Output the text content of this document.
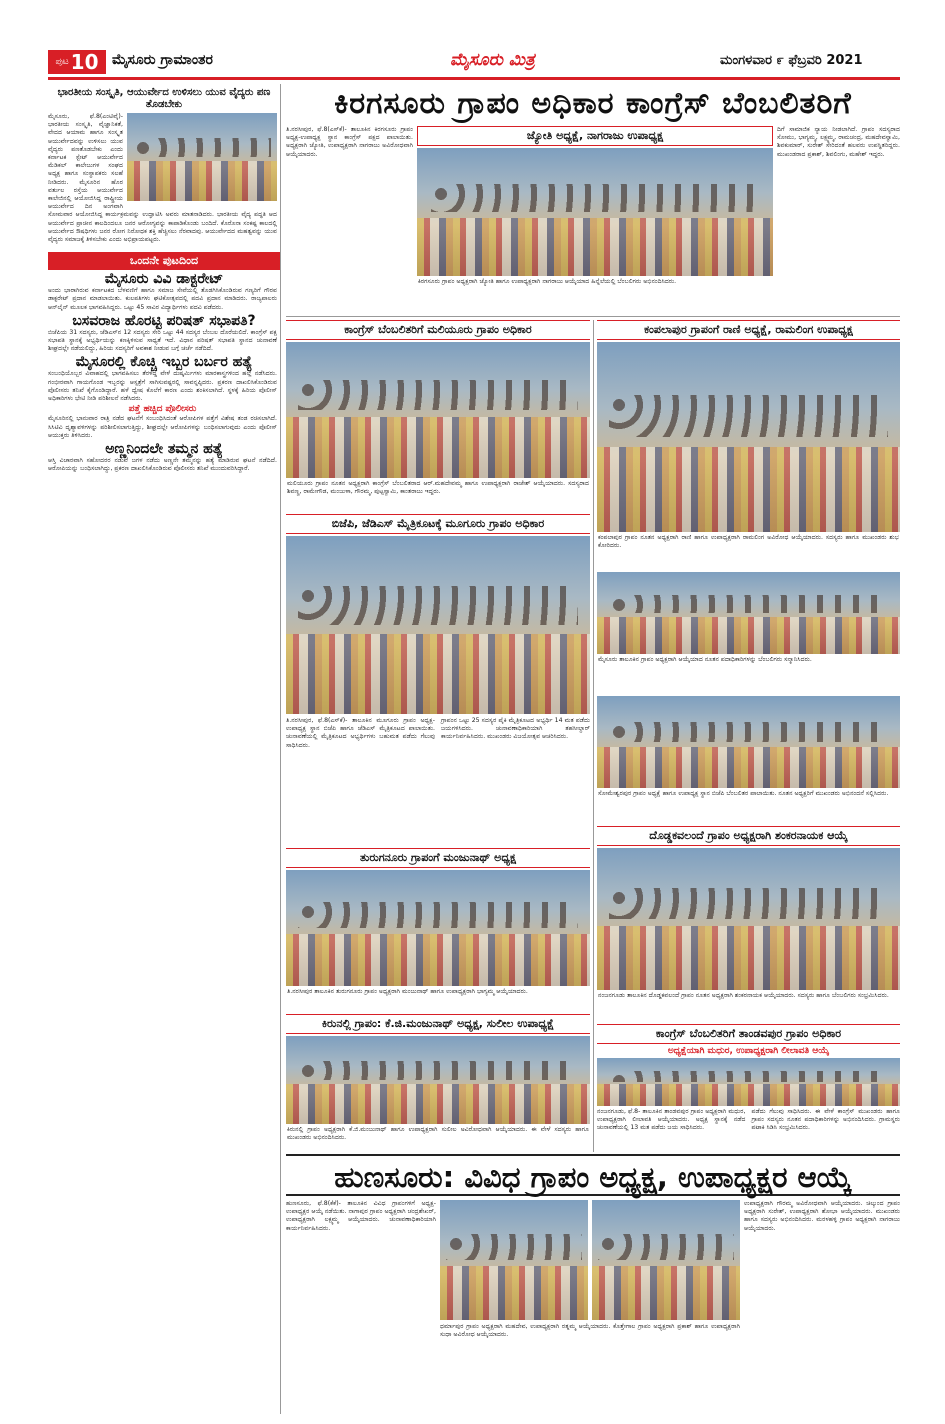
ಪುಟ 10 ಮೈಸೂರು ಗ್ರಾಮಾಂತರ	ಮೈಸೂರು ಮಿತ್ರ	ಮಂಗಳವಾರ ೯ ಫೆಬ್ರವರಿ 2021
ಭಾರತೀಯ ಸಂಸ್ಕೃತಿ, ಆಯುರ್ವೇದ ಉಳಿಸಲು ಯುವ ವೈದ್ಯರು ಪಣ ತೊಡಬೇಕು

ಮೈಸೂರು, ಫೆ.8(ಎಂಟಿವೈ)-ಭಾರತೀಯ ಸಂಸ್ಕೃತಿ, ವೈಜ್ಞಾನಿಕತೆ, ವೇದದ ಆಯಾಮ ಹಾಗೂ ಸಂಸ್ಕೃತ ಆಯುರ್ವೇದವನ್ನು ಉಳಿಸಲು ಯುವ ವೈದ್ಯರು ಪಣತೊಡಬೇಕು ಎಂದು ಕರ್ನಾಟಕ ಸ್ಟೇಟ್ ಆಯುರ್ವೇದ ಮೆಡಿಕಲ್ ಕಾಲೇಜುಗಳ ಸಂಘದ ಅಧ್ಯಕ್ಷ ಹಾಗೂ ಸಂಸ್ಥಾಪಕರು ಸಲಹೆ ನೀಡಿದರು. ಮೈಸೂರಿನ ಹೊರ ವರ್ತುಲ ರಸ್ತೆಯ ಆಯುರ್ವೇದ ಕಾಲೇಜಿನಲ್ಲಿ ಆಯೋಜಿಸಿದ್ದ ರಾಷ್ಟ್ರೀಯ ಆಯುರ್ವೇದ ದಿನ ಅಂಗವಾಗಿ ಸೋಮವಾರ ಆಯೋಜಿಸಿದ್ದ ಕಾರ್ಯಕ್ರಮವನ್ನು ಉದ್ಘಾಟಿಸಿ ಅವರು ಮಾತನಾಡಿದರು. ಭಾರತೀಯ ವೈದ್ಯ ಪದ್ಧತಿ ಆದ ಆಯುರ್ವೇದ ಪ್ರಾಚೀನ ಕಾಲದಿಂದಲೂ ಜನರ ಆರೋಗ್ಯವನ್ನು ಕಾಪಾಡಿಕೊಂಡು ಬಂದಿದೆ. ಕೊರೊನಾ ಸಂಕಷ್ಟ ಕಾಲದಲ್ಲಿ ಆಯುರ್ವೇದ ಔಷಧಿಗಳು ಜನರ ರೋಗ ನಿರೋಧಕ ಶಕ್ತಿ ಹೆಚ್ಚಿಸಲು ನೆರವಾದವು. ಆಯುರ್ವೇದದ ಮಹತ್ವವನ್ನು ಯುವ ವೈದ್ಯರು ಸಮಾಜಕ್ಕೆ ತಿಳಿಸಬೇಕು ಎಂದು ಅಭಿಪ್ರಾಯಪಟ್ಟರು.

ಒಂದನೇ ಪುಟದಿಂದ
ಮೈಸೂರು ವಿವಿ ಡಾಕ್ಟರೇಟ್

ಅಂದು ಭಾರಾಗಿರುವ ಕರ್ನಾಟಕದ ಬೆಳವಣಿಗೆ ಹಾಗೂ ಸಮಾಜ ಸೇವೆಯಲ್ಲಿ ತೊಡಗಿಸಿಕೊಂಡಿರುವ ಗಣ್ಯರಿಗೆ ಗೌರವ ಡಾಕ್ಟರೇಟ್ ಪ್ರದಾನ ಮಾಡಲಾಯಿತು. ಕುಲಪತಿಗಳು ಘಟಿಕೋತ್ಸವದಲ್ಲಿ ಪದವಿ ಪ್ರದಾನ ಮಾಡಿದರು. ರಾಜ್ಯಪಾಲರು ಆನ್‌ಲೈನ್ ಮೂಲಕ ಭಾಗವಹಿಸಿದ್ದರು. ಒಟ್ಟು 45 ಸಾವಿರ ವಿದ್ಯಾರ್ಥಿಗಳು ಪದವಿ ಪಡೆದರು.

ಬಸವರಾಜ ಹೊರಟ್ಟಿ ಪರಿಷತ್ ಸಭಾಪತಿ?

ಬಿಜೆಪಿಯ 31 ಸದಸ್ಯರು, ಜೆಡಿಎಸ್‌ನ 12 ಸದಸ್ಯರು ಸೇರಿ ಒಟ್ಟು 44 ಸದಸ್ಯರ ಬೆಂಬಲ ದೊರೆಯಲಿದೆ. ಕಾಂಗ್ರೆಸ್ ಪಕ್ಷ ಸಭಾಪತಿ ಸ್ಥಾನಕ್ಕೆ ಅಭ್ಯರ್ಥಿಯನ್ನು ಕಣಕ್ಕಿಳಿಸುವ ಸಾಧ್ಯತೆ ಇದೆ. ವಿಧಾನ ಪರಿಷತ್ ಸಭಾಪತಿ ಸ್ಥಾನದ ಚುನಾವಣೆ ಶೀಘ್ರದಲ್ಲೇ ನಡೆಯಲಿದ್ದು, ಹಿರಿಯ ಸದಸ್ಯರಿಗೆ ಅವಕಾಶ ನೀಡುವ ಬಗ್ಗೆ ಚರ್ಚೆ ನಡೆದಿದೆ.

ಮೈಸೂರಲ್ಲಿ ಕೊಚ್ಚಿ ಇಬ್ಬರ ಬರ್ಬರ ಹತ್ಯೆ

ಸಂಬಂಧಿಯೊಬ್ಬರ ವಿವಾಹದಲ್ಲಿ ಭಾಗವಹಿಸಲು ತೆರಳಿದ್ದ ವೇಳೆ ದುಷ್ಕರ್ಮಿಗಳು ಮಾರಕಾಸ್ತ್ರಗಳಿಂದ ಹಲ್ಲೆ ನಡೆಸಿದರು. ಗಂಭೀರವಾಗಿ ಗಾಯಗೊಂಡ ಇಬ್ಬರನ್ನು ಆಸ್ಪತ್ರೆಗೆ ಸಾಗಿಸುವಷ್ಟರಲ್ಲಿ ಸಾವನ್ನಪ್ಪಿದರು. ಪ್ರಕರಣ ದಾಖಲಿಸಿಕೊಂಡಿರುವ ಪೊಲೀಸರು ತನಿಖೆ ಕೈಗೊಂಡಿದ್ದಾರೆ. ಹಳೆ ದ್ವೇಷ ಕೊಲೆಗೆ ಕಾರಣ ಎಂದು ಶಂಕಿಸಲಾಗಿದೆ. ಸ್ಥಳಕ್ಕೆ ಹಿರಿಯ ಪೊಲೀಸ್ ಅಧಿಕಾರಿಗಳು ಭೇಟಿ ನೀಡಿ ಪರಿಶೀಲನೆ ನಡೆಸಿದರು.

ಪತ್ತೆ ಹಚ್ಚಿದ ಪೊಲೀಸರು

ಮೈಸೂರಿನಲ್ಲಿ ಭಾನುವಾರ ರಾತ್ರಿ ನಡೆದ ಘಟನೆಗೆ ಸಂಬಂಧಿಸಿದಂತೆ ಆರೋಪಿಗಳ ಪತ್ತೆಗೆ ವಿಶೇಷ ತಂಡ ರಚಿಸಲಾಗಿದೆ. ಸಿಸಿಟಿವಿ ದೃಶ್ಯಾವಳಿಗಳನ್ನು ಪರಿಶೀಲಿಸಲಾಗುತ್ತಿದ್ದು, ಶೀಘ್ರದಲ್ಲೇ ಆರೋಪಿಗಳನ್ನು ಬಂಧಿಸಲಾಗುವುದು ಎಂದು ಪೊಲೀಸ್ ಆಯುಕ್ತರು ತಿಳಿಸಿದರು.

ಅಣ್ಣನಿಂದಲೇ ತಮ್ಮನ ಹತ್ಯೆ

ಆಸ್ತಿ ವಿಚಾರವಾಗಿ ಸಹೋದರರ ನಡುವೆ ಜಗಳ ನಡೆದು ಅಣ್ಣನೇ ತಮ್ಮನನ್ನು ಹತ್ಯೆ ಮಾಡಿರುವ ಘಟನೆ ನಡೆದಿದೆ. ಆರೋಪಿಯನ್ನು ಬಂಧಿಸಲಾಗಿದ್ದು, ಪ್ರಕರಣ ದಾಖಲಿಸಿಕೊಂಡಿರುವ ಪೊಲೀಸರು ತನಿಖೆ ಮುಂದುವರಿಸಿದ್ದಾರೆ.

ಕಿರಗಸೂರು ಗ್ರಾಪಂ ಅಧಿಕಾರ ಕಾಂಗ್ರೆಸ್ ಬೆಂಬಲಿತರಿಗೆ
ತಿ.ನರಸೀಪುರ, ಫೆ.8(ಎಸ್‌ಕೆ)- ತಾಲೂಕಿನ ಕಿರಗಸೂರು ಗ್ರಾಪಂ ಅಧ್ಯಕ್ಷ-ಉಪಾಧ್ಯಕ್ಷ ಸ್ಥಾನ ಕಾಂಗ್ರೆಸ್ ಪಕ್ಷದ ಪಾಲಾಯಿತು. ಅಧ್ಯಕ್ಷರಾಗಿ ಜ್ಯೋತಿ, ಉಪಾಧ್ಯಕ್ಷರಾಗಿ ನಾಗರಾಜು ಅವಿರೋಧವಾಗಿ ಆಯ್ಕೆಯಾದರು.
ಜ್ಯೋತಿ ಅಧ್ಯಕ್ಷೆ, ನಾಗರಾಜು ಉಪಾಧ್ಯಕ್ಷ
ಕಿರಗಸೂರು ಗ್ರಾಪಂ ಅಧ್ಯಕ್ಷರಾಗಿ ಜ್ಯೋತಿ ಹಾಗೂ ಉಪಾಧ್ಯಕ್ಷರಾಗಿ ನಾಗರಾಜು ಆಯ್ಕೆಯಾದ ಹಿನ್ನೆಲೆಯಲ್ಲಿ ಬೆಂಬಲಿಗರು ಅಭಿನಂದಿಸಿದರು.
ದಿಗೆ ಸಾಮಾಜಿಕ ನ್ಯಾಯ ನೀಡಲಾಗಿದೆ. ಗ್ರಾಪಂ ಸದಸ್ಯರಾದ ಸೋಮು, ಭಾಗ್ಯಮ್ಮ, ಲಕ್ಷ್ಮಮ್ಮ, ರಾಮಚಂದ್ರ, ಮಹದೇವಸ್ವಾಮಿ, ಶಿವಕುಮಾರ್, ಸುರೇಶ್ ಸೇರಿದಂತೆ ಹಲವರು ಉಪಸ್ಥಿತರಿದ್ದರು. ಮುಖಂಡರಾದ ಪ್ರಕಾಶ್, ಶಿವಲಿಂಗು, ಮಹೇಶ್ ಇದ್ದರು.
ಕಾಂಗ್ರೆಸ್ ಬೆಂಬಲಿತರಿಗೆ ಮಲಿಯೂರು ಗ್ರಾಪಂ ಅಧಿಕಾರ
ಮಲಿಯೂರು ಗ್ರಾಪಂ ನೂತನ ಅಧ್ಯಕ್ಷರಾಗಿ ಕಾಂಗ್ರೆಸ್ ಬೆಂಬಲಿತರಾದ ಆರ್.ಮಹದೇವಮ್ಮ ಹಾಗೂ ಉಪಾಧ್ಯಕ್ಷರಾಗಿ ರಾಜೇಶ್ ಆಯ್ಕೆಯಾದರು. ಸದಸ್ಯರಾದ ಶಿವಣ್ಣ, ರಾಮೇಗೌಡ, ಮಂಜುಳಾ, ಗೌರಮ್ಮ, ಪುಟ್ಟಸ್ವಾಮಿ, ಕಾಂತರಾಜು ಇದ್ದರು.
ಬಿಜೆಪಿ, ಜೆಡಿಎಸ್ ಮೈತ್ರಿಕೂಟಕ್ಕೆ ಮೂಗೂರು ಗ್ರಾಪಂ ಅಧಿಕಾರ
ತಿ.ನರಸೀಪುರ, ಫೆ.8(ಎಸ್‌ಕೆ)- ತಾಲೂಕಿನ ಮೂಗೂರು ಗ್ರಾಪಂ ಅಧ್ಯಕ್ಷ-ಉಪಾಧ್ಯಕ್ಷ ಸ್ಥಾನ ಬಿಜೆಪಿ ಹಾಗೂ ಜೆಡಿಎಸ್ ಮೈತ್ರಿಕೂಟದ ಪಾಲಾಯಿತು. ಚುನಾವಣೆಯಲ್ಲಿ ಮೈತ್ರಿಕೂಟದ ಅಭ್ಯರ್ಥಿಗಳು ಬಹುಮತ ಪಡೆದು ಗೆಲುವು ಸಾಧಿಸಿದರು.
ಗ್ರಾಪಂನ ಒಟ್ಟು 25 ಸದಸ್ಯರ ಪೈಕಿ ಮೈತ್ರಿಕೂಟದ ಅಭ್ಯರ್ಥಿ 14 ಮತ ಪಡೆದು ಜಯಗಳಿಸಿದರು. ಚುನಾವಣಾಧಿಕಾರಿಯಾಗಿ ತಹಸೀಲ್ದಾರ್ ಕಾರ್ಯನಿರ್ವಹಿಸಿದರು. ಮುಖಂಡರು ವಿಜಯೋತ್ಸವ ಆಚರಿಸಿದರು.
ತುರುಗನೂರು ಗ್ರಾಪಂಗೆ ಮಂಜುನಾಥ್ ಅಧ್ಯಕ್ಷ
ತಿ.ನರಸೀಪುರ ತಾಲೂಕಿನ ತುರುಗನೂರು ಗ್ರಾಪಂ ಅಧ್ಯಕ್ಷರಾಗಿ ಮಂಜುನಾಥ್ ಹಾಗೂ ಉಪಾಧ್ಯಕ್ಷರಾಗಿ ಭಾಗ್ಯಮ್ಮ ಆಯ್ಕೆಯಾದರು.
ಕಿರುನಲ್ಲಿ ಗ್ರಾಪಂ: ಕೆ.ಜಿ.ಮಂಜುನಾಥ್ ಅಧ್ಯಕ್ಷ, ಸುಲೀಲ ಉಪಾಧ್ಯಕ್ಷೆ
ಕಿರುನಲ್ಲಿ ಗ್ರಾಪಂ ಅಧ್ಯಕ್ಷರಾಗಿ ಕೆ.ಜಿ.ಮಂಜುನಾಥ್ ಹಾಗೂ ಉಪಾಧ್ಯಕ್ಷರಾಗಿ ಸುಲೀಲ ಅವಿರೋಧವಾಗಿ ಆಯ್ಕೆಯಾದರು. ಈ ವೇಳೆ ಸದಸ್ಯರು ಹಾಗೂ ಮುಖಂಡರು ಅಭಿನಂದಿಸಿದರು.
ಕಂಪಲಾಪುರ ಗ್ರಾಪಂಗೆ ರಾಣಿ ಅಧ್ಯಕ್ಷೆ, ರಾಮಲಿಂಗ ಉಪಾಧ್ಯಕ್ಷ
ಕಂಪಲಾಪುರ ಗ್ರಾಪಂ ನೂತನ ಅಧ್ಯಕ್ಷರಾಗಿ ರಾಣಿ ಹಾಗೂ ಉಪಾಧ್ಯಕ್ಷರಾಗಿ ರಾಮಲಿಂಗ ಅವಿರೋಧ ಆಯ್ಕೆಯಾದರು. ಸದಸ್ಯರು ಹಾಗೂ ಮುಖಂಡರು ಶುಭ ಕೋರಿದರು.
ಮೈಸೂರು ತಾಲೂಕಿನ ಗ್ರಾಪಂ ಅಧ್ಯಕ್ಷರಾಗಿ ಆಯ್ಕೆಯಾದ ನೂತನ ಪದಾಧಿಕಾರಿಗಳನ್ನು ಬೆಂಬಲಿಗರು ಸನ್ಮಾನಿಸಿದರು.
ಸೋಮೇಶ್ವರಪುರ ಗ್ರಾಪಂ ಅಧ್ಯಕ್ಷೆ ಹಾಗೂ ಉಪಾಧ್ಯಕ್ಷ ಸ್ಥಾನ ಬಿಜೆಪಿ ಬೆಂಬಲಿತರ ಪಾಲಾಯಿತು. ನೂತನ ಅಧ್ಯಕ್ಷರಿಗೆ ಮುಖಂಡರು ಅಭಿನಂದನೆ ಸಲ್ಲಿಸಿದರು.
ದೊಡ್ಡಕವಲಂದೆ ಗ್ರಾಪಂ ಅಧ್ಯಕ್ಷರಾಗಿ ಶಂಕರನಾಯಕ ಆಯ್ಕೆ
ನಂಜನಗೂಡು ತಾಲೂಕಿನ ದೊಡ್ಡಕವಲಂದೆ ಗ್ರಾಪಂ ನೂತನ ಅಧ್ಯಕ್ಷರಾಗಿ ಶಂಕರನಾಯಕ ಆಯ್ಕೆಯಾದರು. ಸದಸ್ಯರು ಹಾಗೂ ಬೆಂಬಲಿಗರು ಸಂಭ್ರಮಿಸಿದರು.
ಕಾಂಗ್ರೆಸ್ ಬೆಂಬಲಿತರಿಗೆ ತಾಂಡವಪುರ ಗ್ರಾಪಂ ಅಧಿಕಾರ
ಅಧ್ಯಕ್ಷೆಯಾಗಿ ಮಧುರ, ಉಪಾಧ್ಯಕ್ಷರಾಗಿ ಲೀಲಾವತಿ ಆಯ್ಕೆ
ನಂಜನಗೂಡು, ಫೆ.8- ತಾಲೂಕಿನ ತಾಂಡವಪುರ ಗ್ರಾಪಂ ಅಧ್ಯಕ್ಷರಾಗಿ ಮಧುರ, ಉಪಾಧ್ಯಕ್ಷರಾಗಿ ಲೀಲಾವತಿ ಆಯ್ಕೆಯಾದರು. ಅಧ್ಯಕ್ಷ ಸ್ಥಾನಕ್ಕೆ ನಡೆದ ಚುನಾವಣೆಯಲ್ಲಿ 13 ಮತ ಪಡೆದು ಜಯ ಸಾಧಿಸಿದರು.
ಪಡೆದು ಗೆಲುವು ಸಾಧಿಸಿದರು. ಈ ವೇಳೆ ಕಾಂಗ್ರೆಸ್ ಮುಖಂಡರು ಹಾಗೂ ಗ್ರಾಪಂ ಸದಸ್ಯರು ನೂತನ ಪದಾಧಿಕಾರಿಗಳನ್ನು ಅಭಿನಂದಿಸಿದರು. ಗ್ರಾಮಸ್ಥರು ಪಟಾಕಿ ಸಿಡಿಸಿ ಸಂಭ್ರಮಿಸಿದರು.
ಹುಣಸೂರು: ವಿವಿಧ ಗ್ರಾಪಂ ಅಧ್ಯಕ್ಷ, ಉಪಾಧ್ಯಕ್ಷರ ಆಯ್ಕೆ
ಹುಣಸೂರು, ಫೆ.8(ಕೆಕೆ)- ತಾಲೂಕಿನ ವಿವಿಧ ಗ್ರಾಪಂಗಳಿಗೆ ಅಧ್ಯಕ್ಷ-ಉಪಾಧ್ಯಕ್ಷರ ಆಯ್ಕೆ ನಡೆಯಿತು. ನಾಗಾಪುರ ಗ್ರಾಪಂ ಅಧ್ಯಕ್ಷರಾಗಿ ಚಂದ್ರಶೇಖರ್, ಉಪಾಧ್ಯಕ್ಷರಾಗಿ ಲಕ್ಷ್ಮಮ್ಮ ಆಯ್ಕೆಯಾದರು. ಚುನಾವಣಾಧಿಕಾರಿಯಾಗಿ ಕಾರ್ಯನಿರ್ವಹಿಸಿದರು.
ಧರ್ಮಾಪುರ ಗ್ರಾಪಂ ಅಧ್ಯಕ್ಷರಾಗಿ ಮಹದೇವ, ಉಪಾಧ್ಯಕ್ಷರಾಗಿ ರತ್ನಮ್ಮ ಆಯ್ಕೆಯಾದರು. ಕೊತ್ತೇಗಾಲ ಗ್ರಾಪಂ ಅಧ್ಯಕ್ಷರಾಗಿ ಪ್ರಕಾಶ್ ಹಾಗೂ ಉಪಾಧ್ಯಕ್ಷರಾಗಿ ಸುಧಾ ಅವಿರೋಧ ಆಯ್ಕೆಯಾದರು.
ಉಪಾಧ್ಯಕ್ಷರಾಗಿ ಗೌರಮ್ಮ ಅವಿರೋಧವಾಗಿ ಆಯ್ಕೆಯಾದರು. ಚಿಲ್ಕುಂದ ಗ್ರಾಪಂ ಅಧ್ಯಕ್ಷರಾಗಿ ಸುರೇಶ್, ಉಪಾಧ್ಯಕ್ಷರಾಗಿ ಶೋಭಾ ಆಯ್ಕೆಯಾದರು. ಮುಖಂಡರು ಹಾಗೂ ಸದಸ್ಯರು ಅಭಿನಂದಿಸಿದರು. ಮರಳಹಳ್ಳಿ ಗ್ರಾಪಂ ಅಧ್ಯಕ್ಷರಾಗಿ ನಾಗರಾಜು ಆಯ್ಕೆಯಾದರು.
